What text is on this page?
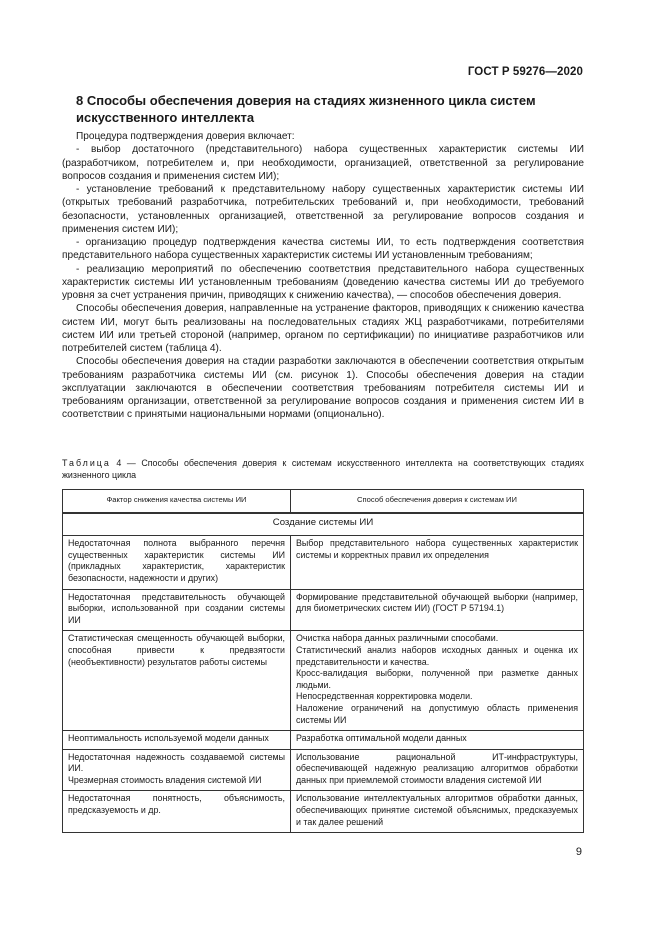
ГОСТ Р 59276—2020
8 Способы обеспечения доверия на стадиях жизненного цикла систем искусственного интеллекта

Процедура подтверждения доверия включает:

- выбор достаточного (представительного) набора существенных характеристик системы ИИ (разработчиком, потребителем и, при необходимости, организацией, ответственной за регулирование вопросов создания и применения систем ИИ);

- установление требований к представительному набору существенных характеристик системы ИИ (открытых требований разработчика, потребительских требований и, при необходимости, требований безопасности, установленных организацией, ответственной за регулирование вопросов создания и применения систем ИИ);

- организацию процедур подтверждения качества системы ИИ, то есть подтверждения соответствия представительного набора существенных характеристик системы ИИ установленным требованиям;

- реализацию мероприятий по обеспечению соответствия представительного набора существенных характеристик системы ИИ установленным требованиям (доведению качества системы ИИ до требуемого уровня за счет устранения причин, приводящих к снижению качества), — способов обеспечения доверия.

Способы обеспечения доверия, направленные на устранение факторов, приводящих к снижению качества систем ИИ, могут быть реализованы на последовательных стадиях ЖЦ разработчиками, потребителями систем ИИ или третьей стороной (например, органом по сертификации) по инициативе разработчиков или потребителей систем (таблица 4).

Способы обеспечения доверия на стадии разработки заключаются в обеспечении соответствия открытым требованиям разработчика системы ИИ (см. рисунок 1). Способы обеспечения доверия на стадии эксплуатации заключаются в обеспечении соответствия требованиям потребителя системы ИИ и требованиям организации, ответственной за регулирование вопросов создания и применения систем ИИ в соответствии с принятыми национальными нормами (опционально).

Таблица 4 — Способы обеспечения доверия к системам искусственного интеллекта на соответствующих стадиях жизненного цикла
Фактор снижения качества системы ИИ	Способ обеспечения доверия к системам ИИ
Создание системы ИИ	

Недостаточная полнота выбранного перечня существенных характеристик системы ИИ (прикладных характеристик, характеристик безопасности, надежности и других)	Выбор представительного набора существенных характеристик системы и корректных правил их определения

Недостаточная представительность обучающей выборки, использованной при создании системы ИИ	Формирование представительной обучающей выборки (например, для биометрических систем ИИ) (ГОСТ Р 57194.1)

Статистическая смещенность обучающей выборки, способная привести к предвзятости (необъективности) результатов работы системы	Очистка набора данных различными способами.
Статистический анализ наборов исходных данных и оценка их представительности и качества.
Кросс-валидация выборки, полученной при разметке данных людьми.
Непосредственная корректировка модели.
Наложение ограничений на допустимую область применения системы ИИ

Неоптимальность используемой модели данных	Разработка оптимальной модели данных

Недостаточная надежность создаваемой системы ИИ.
Чрезмерная стоимость владения системой ИИ	Использование рациональной ИТ-инфраструктуры, обеспечивающей надежную реализацию алгоритмов обработки данных при приемлемой стоимости владения системой ИИ

Недостаточная понятность, объяснимость, предсказуемость и др.	Использование интеллектуальных алгоритмов обработки данных, обеспечивающих принятие системой объяснимых, предсказуемых и так далее решений
9
